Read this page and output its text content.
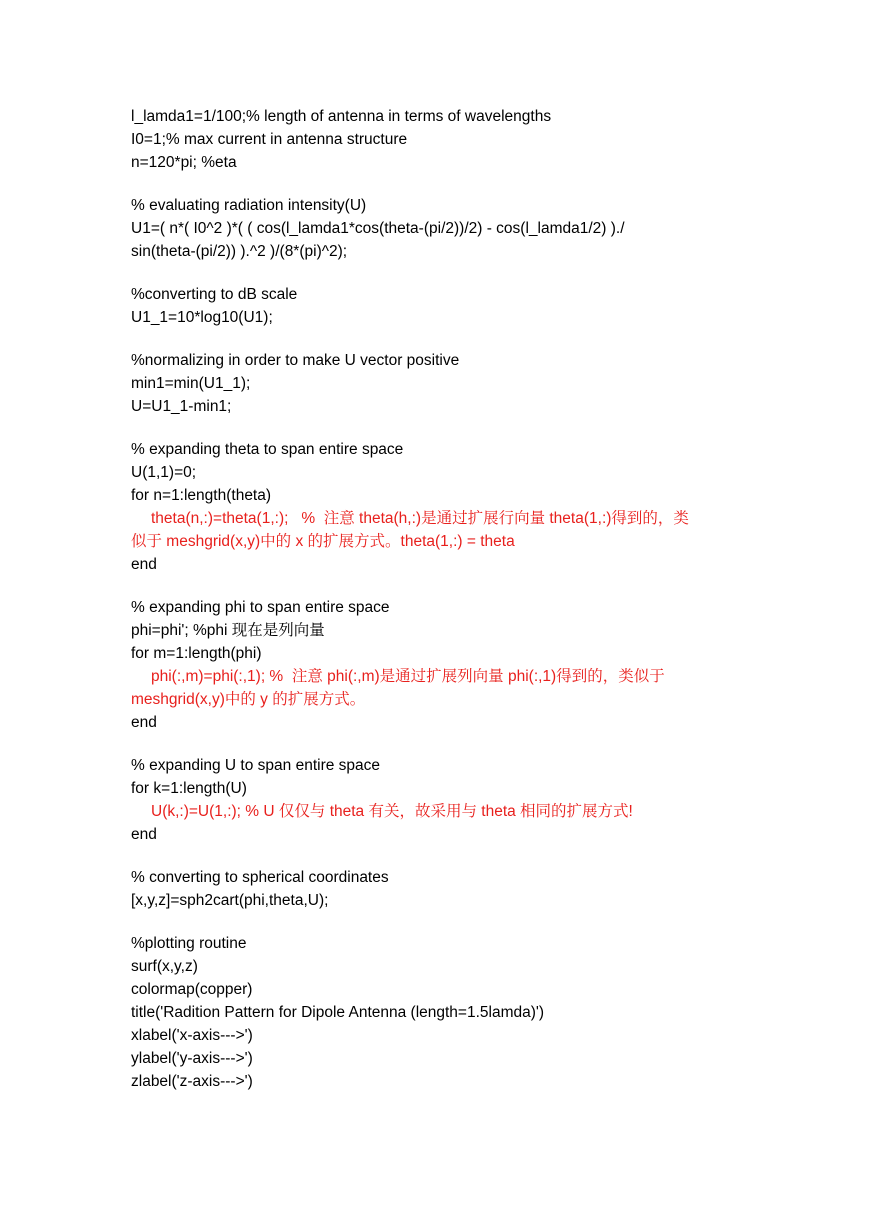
l_lamda1=1/100;% length of antenna in terms of wavelengths
I0=1;% max current in antenna structure
n=120*pi; %eta
% evaluating radiation intensity(U)
U1=( n*( I0^2 )*( ( cos(l_lamda1*cos(theta-(pi/2))/2) - cos(l_lamda1/2) )./
sin(theta-(pi/2)) ).^2 )/(8*(pi)^2);
%converting to dB scale
U1_1=10*log10(U1);
%normalizing in order to make U vector positive
min1=min(U1_1);
U=U1_1-min1;
% expanding theta to span entire space
U(1,1)=0;
for n=1:length(theta)
theta(n,:)=theta(1,:);   %  注意 theta(h,:)是通过扩展行向量 theta(1,:)得到的，类
似于 meshgrid(x,y)中的 x 的扩展方式。theta(1,:) = theta
end
% expanding phi to span entire space
phi=phi'; %phi 现在是列向量
for m=1:length(phi)
phi(:,m)=phi(:,1); %  注意 phi(:,m)是通过扩展列向量 phi(:,1)得到的，类似于
meshgrid(x,y)中的 y 的扩展方式。
end
% expanding U to span entire space
for k=1:length(U)
U(k,:)=U(1,:); % U 仅仅与 theta 有关，故采用与 theta 相同的扩展方式!
end
% converting to spherical coordinates
[x,y,z]=sph2cart(phi,theta,U);
%plotting routine
surf(x,y,z)
colormap(copper)
title('Radition Pattern for Dipole Antenna (length=1.5lamda)')
xlabel('x-axis--->')
ylabel('y-axis--->')
zlabel('z-axis--->')
